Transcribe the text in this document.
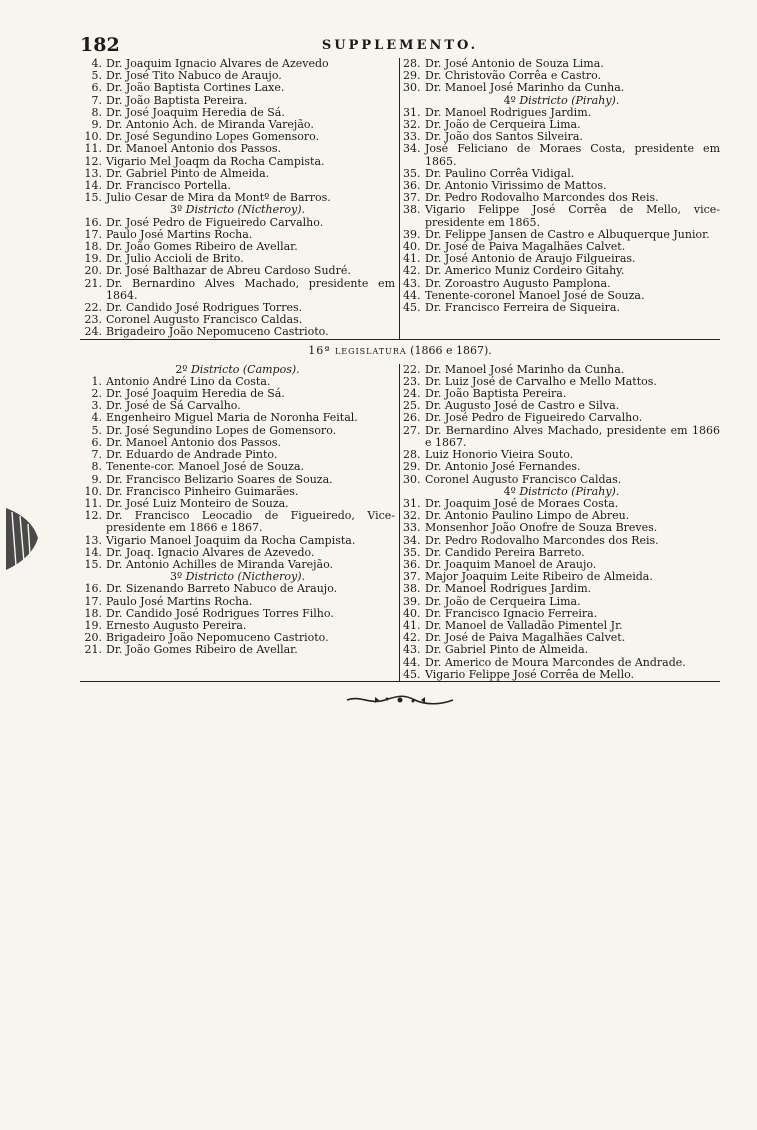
182	SUPPLEMENTO.
4. Dr. Joaquim Ignacio Alvares de Azevedo
5. Dr. José Tito Nabuco de Araujo.
6. Dr. João Baptista Cortines Laxe.
7. Dr. João Baptista Pereira.
8. Dr. José Joaquim Heredia de Sá.
9. Dr. Antonio Ach. de Miranda Varejão.
10. Dr. José Segundino Lopes Gomensoro.
11. Dr. Manoel Antonio dos Passos.
12. Vigario Mel Joaqm da Rocha Campista.
13. Dr. Gabriel Pinto de Almeida.
14. Dr. Francisco Portella.
15. Julio Cesar de Mira da Montº de Barros.
3º Districto (Nictheroy).
16. Dr. José Pedro de Figueiredo Carvalho.
17. Paulo José Martins Rocha.
18. Dr. João Gomes Ribeiro de Avellar.
19. Dr. Julio Accioli de Brito.
20. Dr. José Balthazar de Abreu Cardoso Sudré.
21. Dr. Bernardino Alves Machado, presidente em 1864.
22. Dr. Candido José Rodrigues Torres.
23. Coronel Augusto Francisco Caldas.
24. Brigadeiro João Nepomuceno Castrioto.
28. Dr. José Antonio de Souza Lima.
29. Dr. Christovão Corrêa e Castro.
30. Dr. Manoel José Marinho da Cunha.
4º Districto (Pirahy).
31. Dr. Manoel Rodrigues Jardim.
32. Dr. João de Cerqueira Lima.
33. Dr. João dos Santos Silveira.
34. José Feliciano de Moraes Costa, presidente em 1865.
35. Dr. Paulino Corrêa Vidigal.
36. Dr. Antonio Virissimo de Mattos.
37. Dr. Pedro Rodovalho Marcondes dos Reis.
38. Vigario Felippe José Corrêa de Mello, vice-presidente em 1865.
39. Dr. Felippe Jansen de Castro e Albuquerque Junior.
40. Dr. José de Paiva Magalhães Calvet.
41. Dr. José Antonio de Araujo Filgueiras.
42. Dr. Americo Muniz Cordeiro Gitahy.
43. Dr. Zoroastro Augusto Pamplona.
44. Tenente-coronel Manoel José de Souza.
45. Dr. Francisco Ferreira de Siqueira.
16ª legislatura (1866 e 1867).
2º Districto (Campos).
1. Antonio André Lino da Costa.
2. Dr. José Joaquim Heredia de Sá.
3. Dr. José de Sá Carvalho.
4. Engenheiro Miguel Maria de Noronha Feital.
5. Dr. José Segundino Lopes de Gomensoro.
6. Dr. Manoel Antonio dos Passos.
7. Dr. Eduardo de Andrade Pinto.
8. Tenente-cor. Manoel José de Souza.
9. Dr. Francisco Belizario Soares de Souza.
10. Dr. Francisco Pinheiro Guimarães.
11. Dr. José Luiz Monteiro de Souza.
12. Dr. Francisco Leocadio de Figueiredo, Vice-presidente em 1866 e 1867.
13. Vigario Manoel Joaquim da Rocha Campista.
14. Dr. Joaq. Ignacio Alvares de Azevedo.
15. Dr. Antonio Achilles de Miranda Varejão.
3º Districto (Nictheroy).
16. Dr. Sizenando Barreto Nabuco de Araujo.
17. Paulo José Martins Rocha.
18. Dr. Candido José Rodrigues Torres Filho.
19. Ernesto Augusto Pereira.
20. Brigadeiro João Nepomuceno Castrioto.
21. Dr. João Gomes Ribeiro de Avellar.
22. Dr. Manoel José Marinho da Cunha.
23. Dr. Luiz José de Carvalho e Mello Mattos.
24. Dr. João Baptista Pereira.
25. Dr. Augusto José de Castro e Silva.
26. Dr. José Pedro de Figueiredo Carvalho.
27. Dr. Bernardino Alves Machado, presidente em 1866 e 1867.
28. Luiz Honorio Vieira Souto.
29. Dr. Antonio José Fernandes.
30. Coronel Augusto Francisco Caldas.
4º Districto (Pirahy).
31. Dr. Joaquim José de Moraes Costa.
32. Dr. Antonio Paulino Limpo de Abreu.
33. Monsenhor João Onofre de Souza Breves.
34. Dr. Pedro Rodovalho Marcondes dos Reis.
35. Dr. Candido Pereira Barreto.
36. Dr. Joaquim Manoel de Araujo.
37. Major Joaquim Leite Ribeiro de Almeida.
38. Dr. Manoel Rodrigues Jardim.
39. Dr. João de Cerqueira Lima.
40. Dr. Francisco Ignacio Ferreira.
41. Dr. Manoel de Valladão Pimentel Jr.
42. Dr. José de Paiva Magalhães Calvet.
43. Dr. Gabriel Pinto de Almeida.
44. Dr. Americo de Moura Marcondes de Andrade.
45. Vigario Felippe José Corrêa de Mello.
